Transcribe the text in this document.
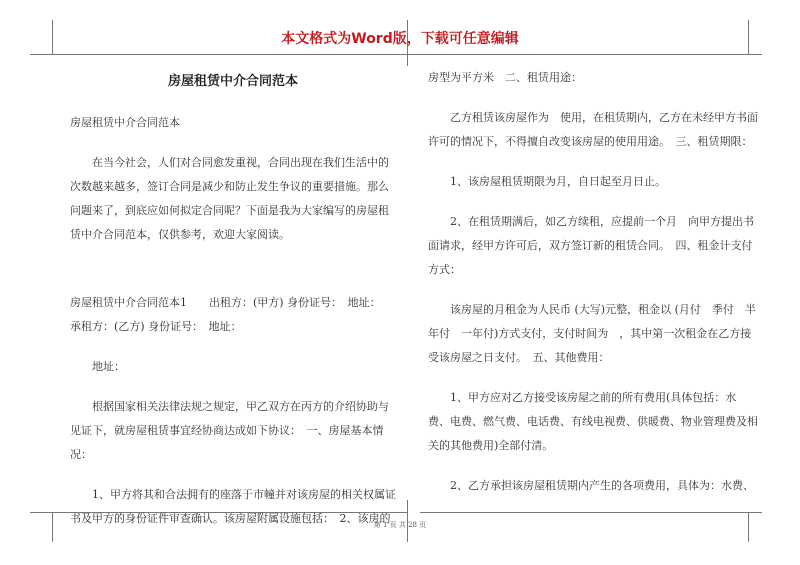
本文格式为Word版，下载可任意编辑
房屋租赁中介合同范本

房屋租赁中介合同范本

　　在当今社会，人们对合同愈发重视，合同出现在我们生活中的次数越来越多，签订合同是减少和防止发生争议的重要措施。那么问题来了，到底应如何拟定合同呢？下面是我为大家编写的房屋租赁中介合同范本，仅供参考，欢迎大家阅读。

房屋租赁中介合同范本1　　出租方：(甲方) 身份证号：　地址：　承租方：(乙方) 身份证号：　地址：

　　地址：

　　根据国家相关法律法规之规定，甲乙双方在丙方的介绍协助与见证下，就房屋租赁事宜经协商达成如下协议：　一、房屋基本情况：

　　1、甲方将其和合法拥有的座落于市幢并对该房屋的相关权属证书及甲方的身份证件审查确认。该房屋附属设施包括：　2、该房的

房型为平方米　二、租赁用途：

　　乙方租赁该房屋作为　使用，在租赁期内，乙方在未经甲方书面许可的情况下，不得擅自改变该房屋的使用用途。　三、租赁期限：

　　1、该房屋租赁期限为月，自日起至月日止。

　　2、在租赁期满后，如乙方续租，应提前一个月　向甲方提出书面请求，经甲方许可后，双方签订新的租赁合同。　四、租金计支付方式：

　　该房屋的月租金为人民币 (大写)元整，租金以 (月付　季付　半年付　一年付)方式支付，支付时间为　，其中第一次租金在乙方接受该房屋之日支付。　五、其他费用：

　　1、甲方应对乙方接受该房屋之前的所有费用(具体包括：水费、电费、燃气费、电话费、有线电视费、供暖费、物业管理费及相关的其他费用)全部付清。

　　2、乙方承担该房屋租赁期内产生的各项费用，具体为：水费、

第 1 页 共 28 页
